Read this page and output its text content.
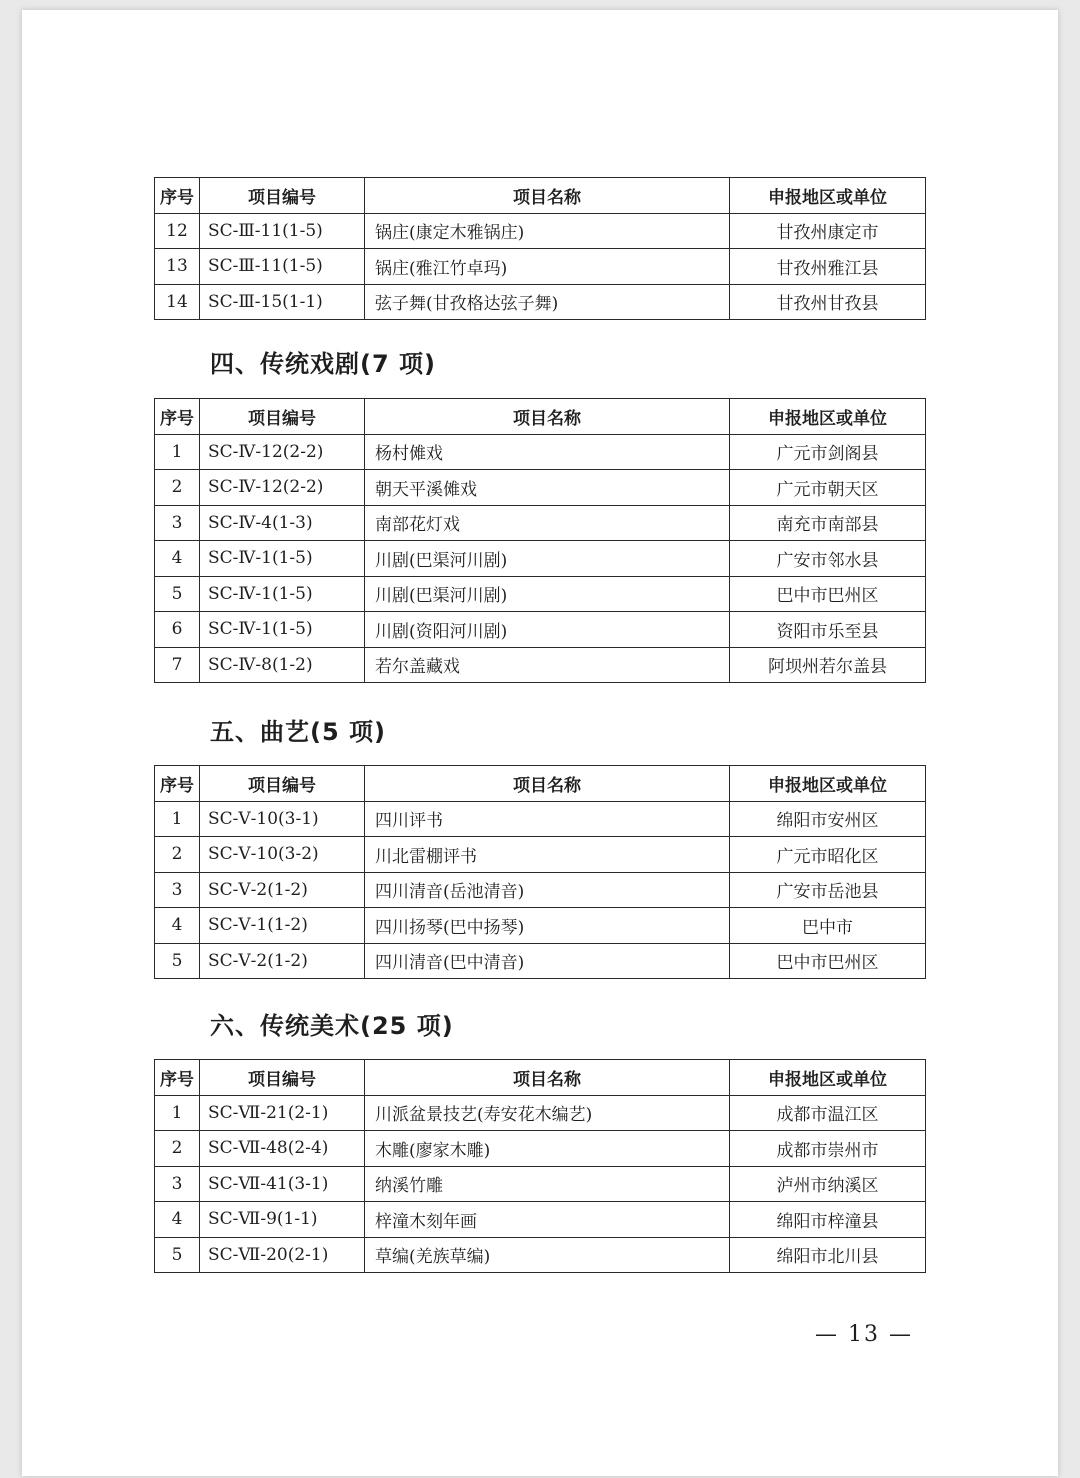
序号	项目编号	项目名称	申报地区或单位
12	SC-Ⅲ-11(1-5)	锅庄(康定木雅锅庄)	甘孜州康定市
13	SC-Ⅲ-11(1-5)	锅庄(雅江竹卓玛)	甘孜州雅江县
14	SC-Ⅲ-15(1-1)	弦子舞(甘孜格达弦子舞)	甘孜州甘孜县
四、传统戏剧(7 项)
序号	项目编号	项目名称	申报地区或单位
1	SC-Ⅳ-12(2-2)	杨村傩戏	广元市剑阁县
2	SC-Ⅳ-12(2-2)	朝天平溪傩戏	广元市朝天区
3	SC-Ⅳ-4(1-3)	南部花灯戏	南充市南部县
4	SC-Ⅳ-1(1-5)	川剧(巴渠河川剧)	广安市邻水县
5	SC-Ⅳ-1(1-5)	川剧(巴渠河川剧)	巴中市巴州区
6	SC-Ⅳ-1(1-5)	川剧(资阳河川剧)	资阳市乐至县
7	SC-Ⅳ-8(1-2)	若尔盖藏戏	阿坝州若尔盖县
五、曲艺(5 项)
序号	项目编号	项目名称	申报地区或单位
1	SC-Ⅴ-10(3-1)	四川评书	绵阳市安州区
2	SC-Ⅴ-10(3-2)	川北雷棚评书	广元市昭化区
3	SC-Ⅴ-2(1-2)	四川清音(岳池清音)	广安市岳池县
4	SC-Ⅴ-1(1-2)	四川扬琴(巴中扬琴)	巴中市
5	SC-Ⅴ-2(1-2)	四川清音(巴中清音)	巴中市巴州区
六、传统美术(25 项)
序号	项目编号	项目名称	申报地区或单位
1	SC-Ⅶ-21(2-1)	川派盆景技艺(寿安花木编艺)	成都市温江区
2	SC-Ⅶ-48(2-4)	木雕(廖家木雕)	成都市崇州市
3	SC-Ⅶ-41(3-1)	纳溪竹雕	泸州市纳溪区
4	SC-Ⅶ-9(1-1)	梓潼木刻年画	绵阳市梓潼县
5	SC-Ⅶ-20(2-1)	草编(羌族草编)	绵阳市北川县
— 13 —
